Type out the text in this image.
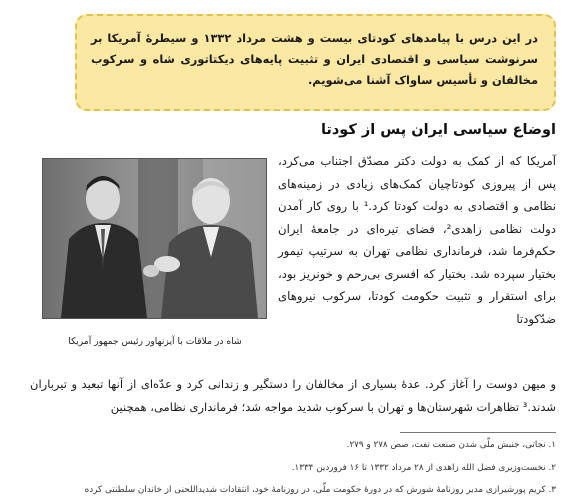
در این درس با پیامدهای کودتای بیست و هشت مرداد ۱۳۳۲ و سیطرهٔ آمریکا بر سرنوشت سیاسی و اقتصادی ایران و تثبیت پایه‌های دیکتاتوری شاه و سرکوب مخالفان و تأسیس ساواک آشنا می‌شویم.
اوضاع سیاسی ایران پس از کودتا
آمریکا که از کمک به دولت دکتر مصدّق اجتناب می‌کرد، پس از پیروزی کودتاچیان کمک‌های زیادی در زمینه‌های نظامی و اقتصادی به دولت کودتا کرد.¹ با روی کار آمدن دولت نظامی زاهدی²، فضای تیره‌ای در جامعهٔ ایران حکم‌فرما شد، فرمانداری نظامی تهران به سرتیپ تیمور بختیار سپرده شد. بختیار که افسری بی‌رحم و خونریز بود، برای استقرار و تثبیت حکومت کودتا، سرکوب نیروهای ضدّکودتا
شاه در ملاقات با آیزنهاور رئیس جمهور آمریکا
و میهن دوست را آغاز کرد. عدهٔ بسیاری از مخالفان را دستگیر و زندانی کرد و عدّه‌ای از آنها تبعید و تیرباران شدند.³ تظاهرات شهرستان‌ها و تهران با سرکوب شدید مواجه شد؛ فرمانداری نظامی، همچنین
۱. نجاتی، جنبش ملّی شدن صنعت نفت، صص ۲۷۸ و ۲۷۹.
۲. نخست‌وزیری فضل الله زاهدی از ۲۸ مرداد ۱۳۳۲ تا ۱۶ فروردین ۱۳۳۴.
۳. کریم پورشیرازی مدیر روزنامهٔ شورش که در دورهٔ حکومت ملّی، در روزنامهٔ خود، انتقادات شدیداللحنی از خاندان سلطنتی کرده
